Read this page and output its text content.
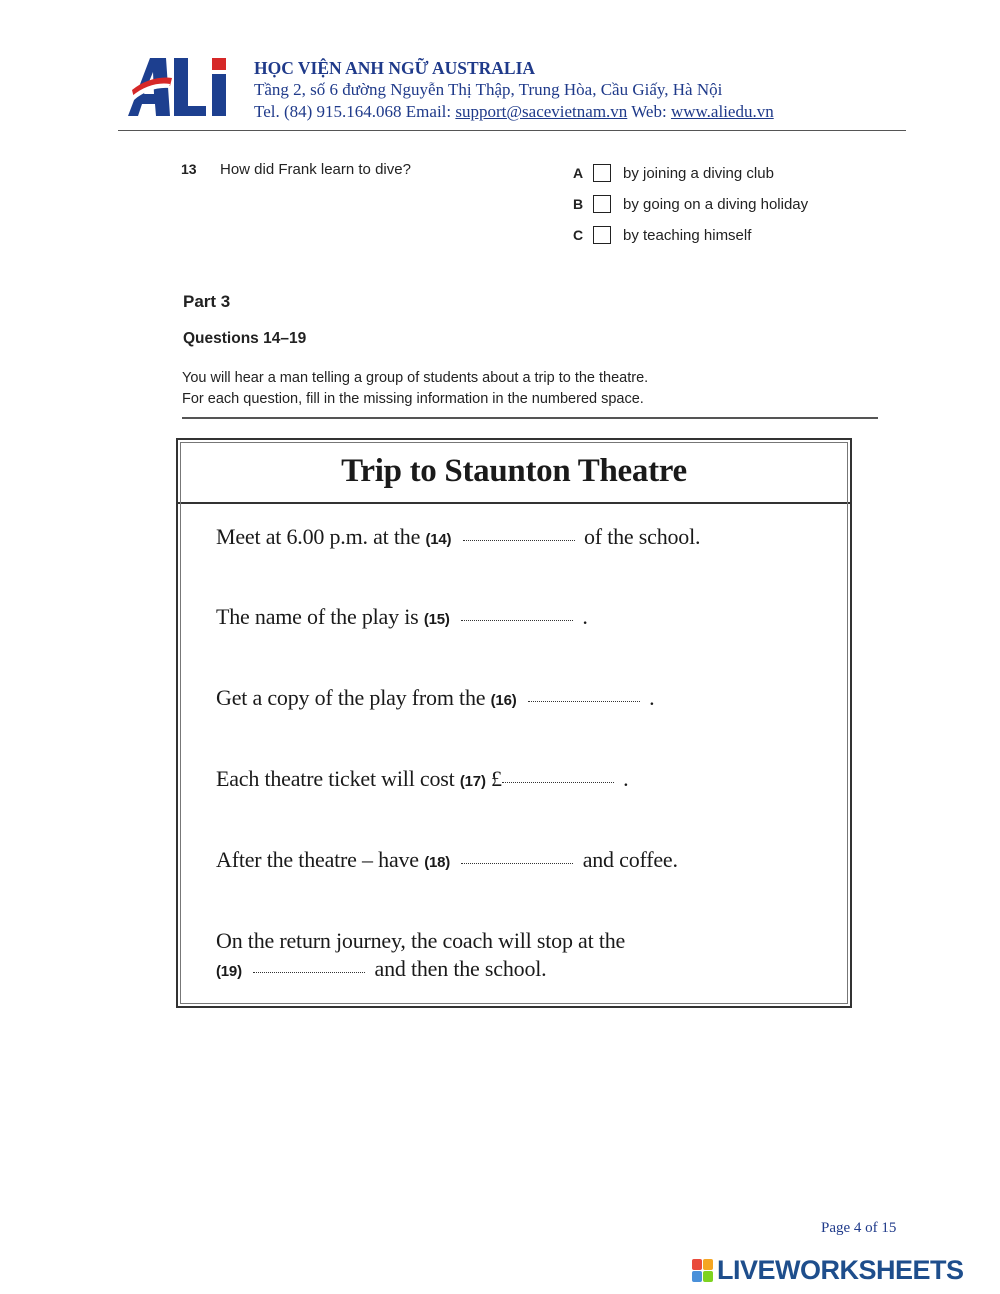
★	HỌC VIỆN ANH NGỮ AUSTRALIA
Tầng 2, số 6 đường Nguyễn Thị Thập, Trung Hòa, Cầu Giấy, Hà Nội
Tel. (84) 915.164.068 Email: support@sacevietnam.vn Web: www.aliedu.vn
13 How did Frank learn to dive?	A	by joining a diving club
B	by going on a diving holiday
C	by teaching himself
Part 3
Questions 14–19
You will hear a man telling a group of students about a trip to the theatre.
For each question, fill in the missing information in the numbered space.
Trip to Staunton Theatre
Meet at 6.00 p.m. at the (14)	of the school.
The name of the play is (15)	.
Get a copy of the play from the (16)	.
Each theatre ticket will cost (17) £	.
After the theatre – have (18)	and coffee.
On the return journey, the coach will stop at the
(19)	and then the school.
Page 4 of 15
LIVEWORKSHEETS
